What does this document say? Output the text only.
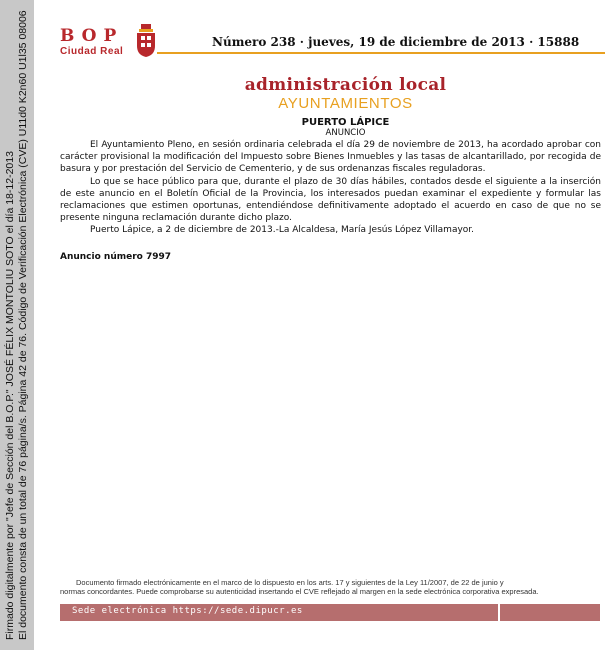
Firmado digitalmente por "Jefe de Sección del B.O.P." JOSÉ FÉLIX MONTOLIU SOTO el día 18-12-2013 El documento consta de un total de 76 página/s. Página 42 de 76. Código de Verificación Electrónica (CVE) U11d0 K2n60 U1l35 08006 BOP
Ciudad Real
Número 238 · jueves, 19 de diciembre de 2013 · 15888
administración local
AYUNTAMIENTOS
PUERTO LÁPICE
ANUNCIO

El Ayuntamiento Pleno, en sesión ordinaria celebrada el día 29 de noviembre de 2013, ha acordado aprobar con carácter provisional la modificación del Impuesto sobre Bienes Inmuebles y las tasas de alcantarillado, por recogida de basura y por prestación del Servicio de Cementerio, y de sus ordenanzas fiscales reguladoras.

Lo que se hace público para que, durante el plazo de 30 días hábiles, contados desde el siguiente a la inserción de este anuncio en el Boletín Oficial de la Provincia, los interesados puedan examinar el expediente y formular las reclamaciones que estimen oportunas, entendiéndose definitivamente adoptado el acuerdo en caso de que no se presente ninguna reclamación durante dicho plazo.

Puerto Lápice, a 2 de diciembre de 2013.-La Alcaldesa, María Jesús López Villamayor.

Anuncio número 7997
Documento firmado electrónicamente en el marco de lo dispuesto en los arts. 17 y siguientes de la Ley 11/2007, de 22 de junio y
normas concordantes. Puede comprobarse su autenticidad insertando el CVE reflejado al margen en la sede electrónica corporativa expresada.
Sede electrónica https://sede.dipucr.es
